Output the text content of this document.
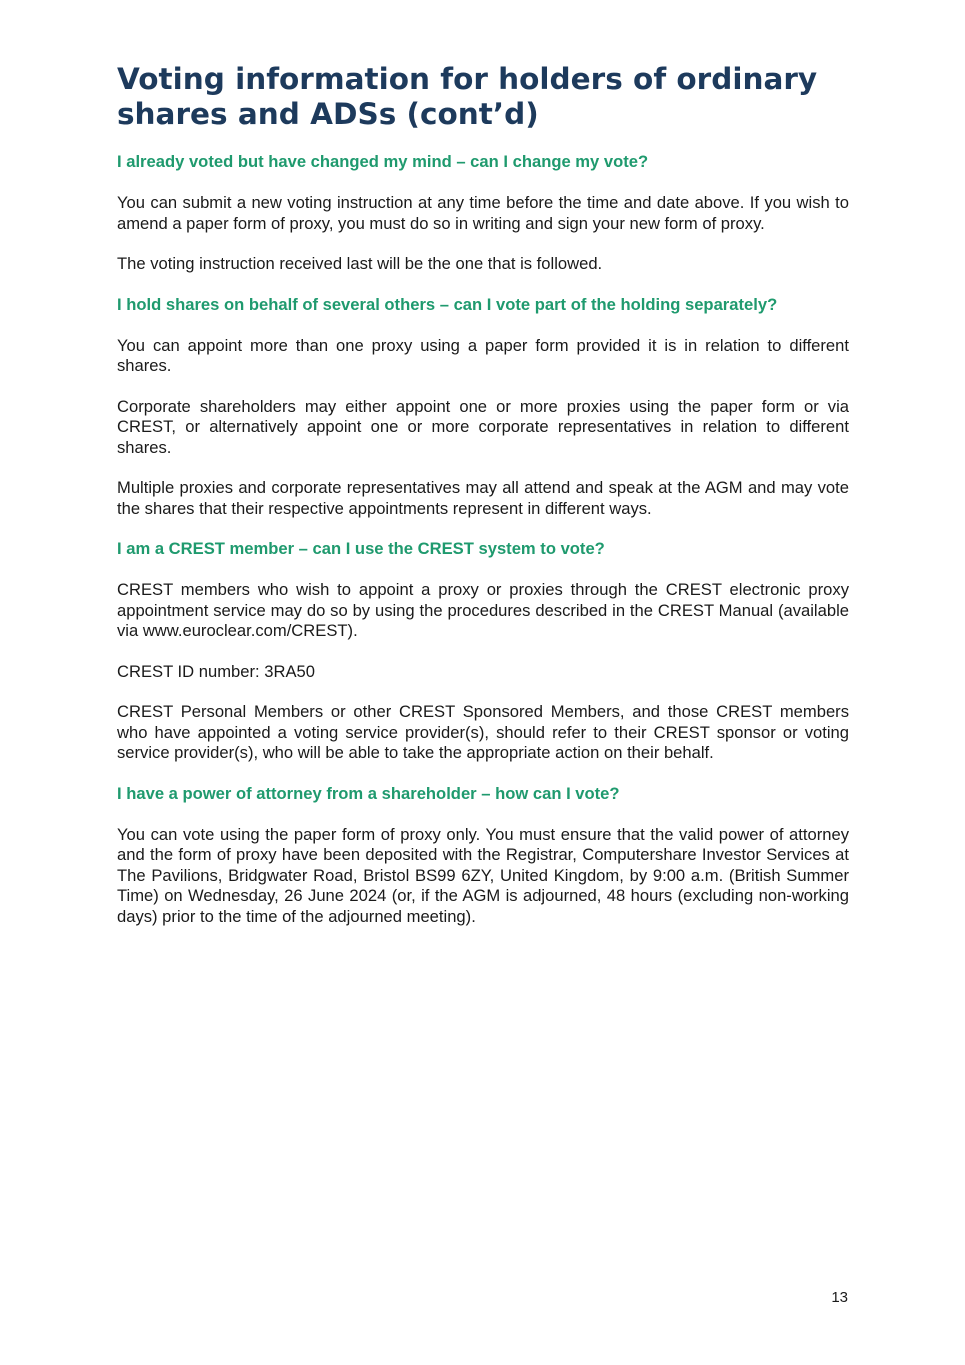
Voting information for holders of ordinary shares and ADSs (cont’d)
I already voted but have changed my mind – can I change my vote?

You can submit a new voting instruction at any time before the time and date above. If you wish to amend a paper form of proxy, you must do so in writing and sign your new form of proxy.

The voting instruction received last will be the one that is followed.

I hold shares on behalf of several others – can I vote part of the holding separately?

You can appoint more than one proxy using a paper form provided it is in relation to different shares.

Corporate shareholders may either appoint one or more proxies using the paper form or via CREST, or alternatively appoint one or more corporate representatives in relation to different shares.

Multiple proxies and corporate representatives may all attend and speak at the AGM and may vote the shares that their respective appointments represent in different ways.

I am a CREST member – can I use the CREST system to vote?

CREST members who wish to appoint a proxy or proxies through the CREST electronic proxy appointment service may do so by using the procedures described in the CREST Manual (available via www.euroclear.com/CREST).

CREST ID number: 3RA50

CREST Personal Members or other CREST Sponsored Members, and those CREST members who have appointed a voting service provider(s), should refer to their CREST sponsor or voting service provider(s), who will be able to take the appropriate action on their behalf.

I have a power of attorney from a shareholder – how can I vote?

You can vote using the paper form of proxy only. You must ensure that the valid power of attorney and the form of proxy have been deposited with the Registrar, Computershare Investor Services at The Pavilions, Bridgwater Road, Bristol BS99 6ZY, United Kingdom, by 9:00 a.m. (British Summer Time) on Wednesday, 26 June 2024 (or, if the AGM is adjourned, 48 hours (excluding non-working days) prior to the time of the adjourned meeting).

13
